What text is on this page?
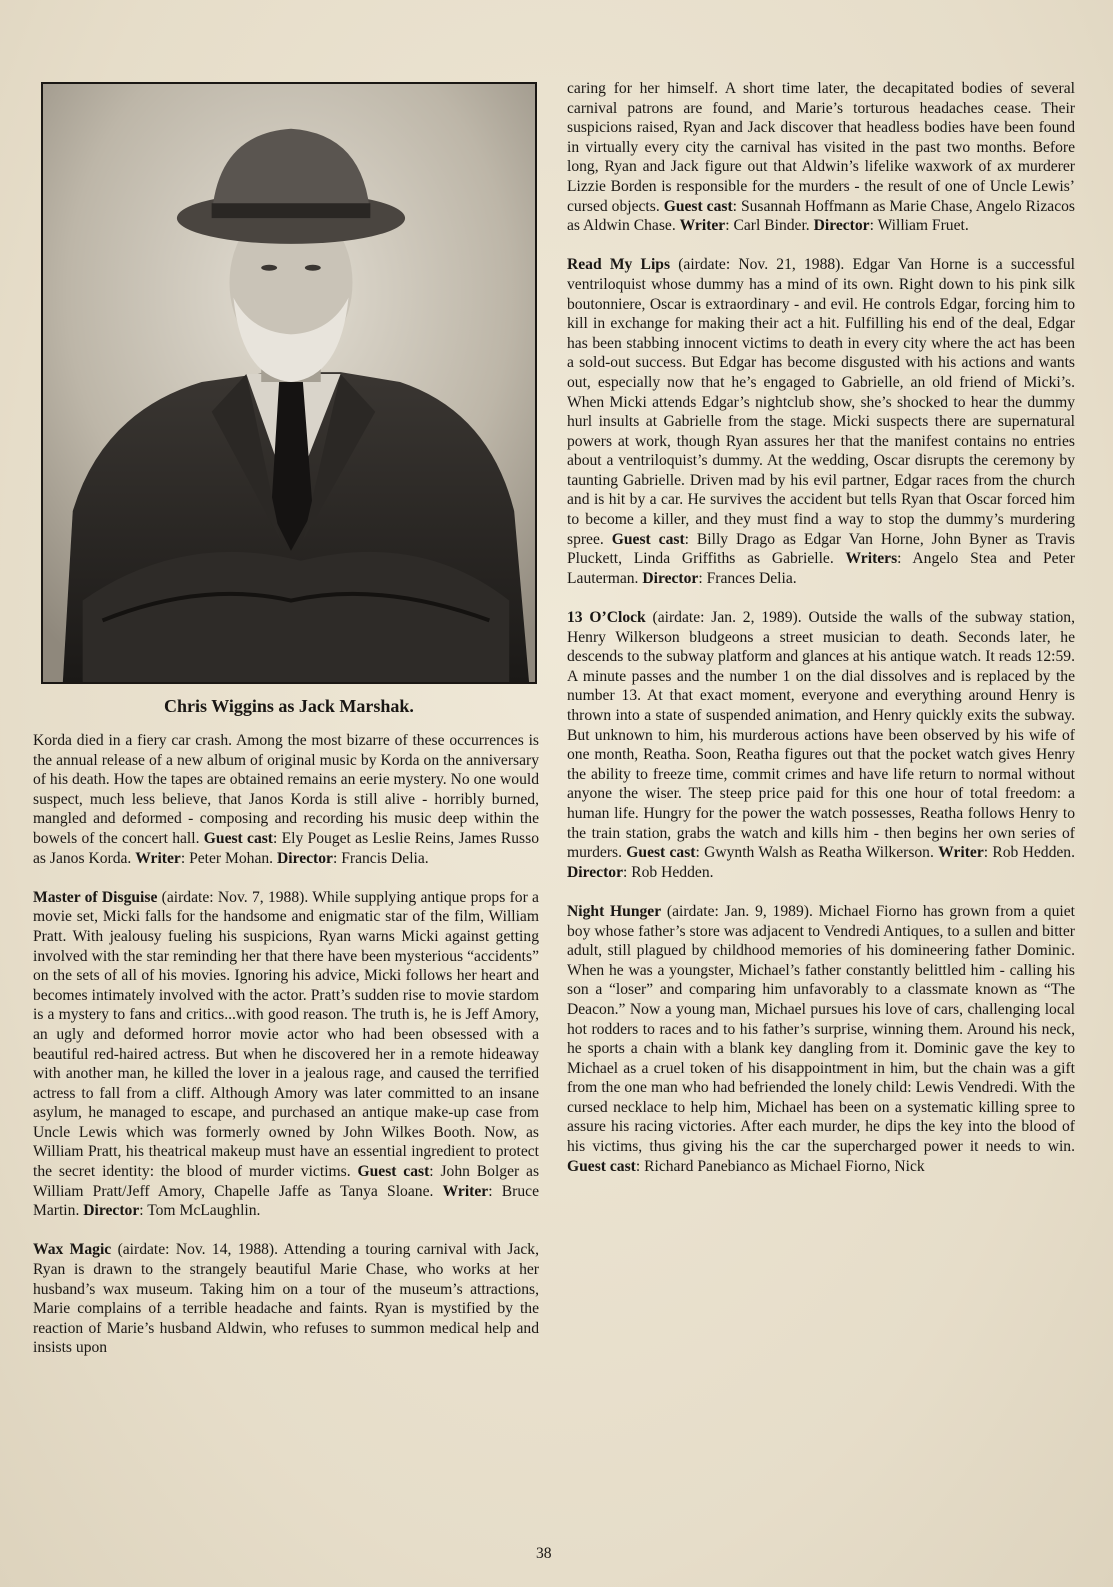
Chris Wiggins as Jack Marshak.

Korda died in a fiery car crash. Among the most bizarre of these occurrences is the annual release of a new album of original music by Korda on the anniversary of his death. How the tapes are obtained remains an eerie mystery. No one would suspect, much less believe, that Janos Korda is still alive - horribly burned, mangled and deformed - composing and recording his music deep within the bowels of the concert hall. Guest cast: Ely Pouget as Leslie Reins, James Russo as Janos Korda. Writer: Peter Mohan. Director: Francis Delia.

Master of Disguise (airdate: Nov. 7, 1988). While supplying antique props for a movie set, Micki falls for the handsome and enigmatic star of the film, William Pratt. With jealousy fueling his suspicions, Ryan warns Micki against getting involved with the star reminding her that there have been mysterious “accidents” on the sets of all of his movies. Ignoring his advice, Micki follows her heart and becomes intimately involved with the actor. Pratt’s sudden rise to movie stardom is a mystery to fans and critics...with good reason. The truth is, he is Jeff Amory, an ugly and deformed horror movie actor who had been obsessed with a beautiful red-haired actress. But when he discovered her in a remote hideaway with another man, he killed the lover in a jealous rage, and caused the terrified actress to fall from a cliff. Although Amory was later committed to an insane asylum, he managed to escape, and purchased an antique make-up case from Uncle Lewis which was formerly owned by John Wilkes Booth. Now, as William Pratt, his theatrical makeup must have an essential ingredient to protect the secret identity: the blood of murder victims. Guest cast: John Bolger as William Pratt/Jeff Amory, Chapelle Jaffe as Tanya Sloane. Writer: Bruce Martin. Director: Tom McLaughlin.

Wax Magic (airdate: Nov. 14, 1988). Attending a touring carnival with Jack, Ryan is drawn to the strangely beautiful Marie Chase, who works at her husband’s wax museum. Taking him on a tour of the museum’s attractions, Marie complains of a terrible headache and faints. Ryan is mystified by the reaction of Marie’s husband Aldwin, who refuses to summon medical help and insists upon

38

caring for her himself. A short time later, the decapitated bodies of several carnival patrons are found, and Marie’s torturous headaches cease. Their suspicions raised, Ryan and Jack discover that headless bodies have been found in virtually every city the carnival has visited in the past two months. Before long, Ryan and Jack figure out that Aldwin’s lifelike waxwork of ax murderer Lizzie Borden is responsible for the murders - the result of one of Uncle Lewis’ cursed objects. Guest cast: Susannah Hoffmann as Marie Chase, Angelo Rizacos as Aldwin Chase. Writer: Carl Binder. Director: William Fruet.

Read My Lips (airdate: Nov. 21, 1988). Edgar Van Horne is a successful ventriloquist whose dummy has a mind of its own. Right down to his pink silk boutonniere, Oscar is extraordinary - and evil. He controls Edgar, forcing him to kill in exchange for making their act a hit. Fulfilling his end of the deal, Edgar has been stabbing innocent victims to death in every city where the act has been a sold-out success. But Edgar has become disgusted with his actions and wants out, especially now that he’s engaged to Gabrielle, an old friend of Micki’s. When Micki attends Edgar’s nightclub show, she’s shocked to hear the dummy hurl insults at Gabrielle from the stage. Micki suspects there are supernatural powers at work, though Ryan assures her that the manifest contains no entries about a ventriloquist’s dummy. At the wedding, Oscar disrupts the ceremony by taunting Gabrielle. Driven mad by his evil partner, Edgar races from the church and is hit by a car. He survives the accident but tells Ryan that Oscar forced him to become a killer, and they must find a way to stop the dummy’s murdering spree. Guest cast: Billy Drago as Edgar Van Horne, John Byner as Travis Pluckett, Linda Griffiths as Gabrielle. Writers: Angelo Stea and Peter Lauterman. Director: Frances Delia.

13 O’Clock (airdate: Jan. 2, 1989). Outside the walls of the subway station, Henry Wilkerson bludgeons a street musician to death. Seconds later, he descends to the subway platform and glances at his antique watch. It reads 12:59. A minute passes and the number 1 on the dial dissolves and is replaced by the number 13. At that exact moment, everyone and everything around Henry is thrown into a state of suspended animation, and Henry quickly exits the subway. But unknown to him, his murderous actions have been observed by his wife of one month, Reatha. Soon, Reatha figures out that the pocket watch gives Henry the ability to freeze time, commit crimes and have life return to normal without anyone the wiser. The steep price paid for this one hour of total freedom: a human life. Hungry for the power the watch possesses, Reatha follows Henry to the train station, grabs the watch and kills him - then begins her own series of murders. Guest cast: Gwynth Walsh as Reatha Wilkerson. Writer: Rob Hedden. Director: Rob Hedden.

Night Hunger (airdate: Jan. 9, 1989). Michael Fiorno has grown from a quiet boy whose father’s store was adjacent to Vendredi Antiques, to a sullen and bitter adult, still plagued by childhood memories of his domineering father Dominic. When he was a youngster, Michael’s father constantly belittled him - calling his son a “loser” and comparing him unfavorably to a classmate known as “The Deacon.” Now a young man, Michael pursues his love of cars, challenging local hot rodders to races and to his father’s surprise, winning them. Around his neck, he sports a chain with a blank key dangling from it. Dominic gave the key to Michael as a cruel token of his disappointment in him, but the chain was a gift from the one man who had befriended the lonely child: Lewis Vendredi. With the cursed necklace to help him, Michael has been on a systematic killing spree to assure his racing victories. After each murder, he dips the key into the blood of his victims, thus giving his the car the supercharged power it needs to win. Guest cast: Richard Panebianco as Michael Fiorno, Nick
